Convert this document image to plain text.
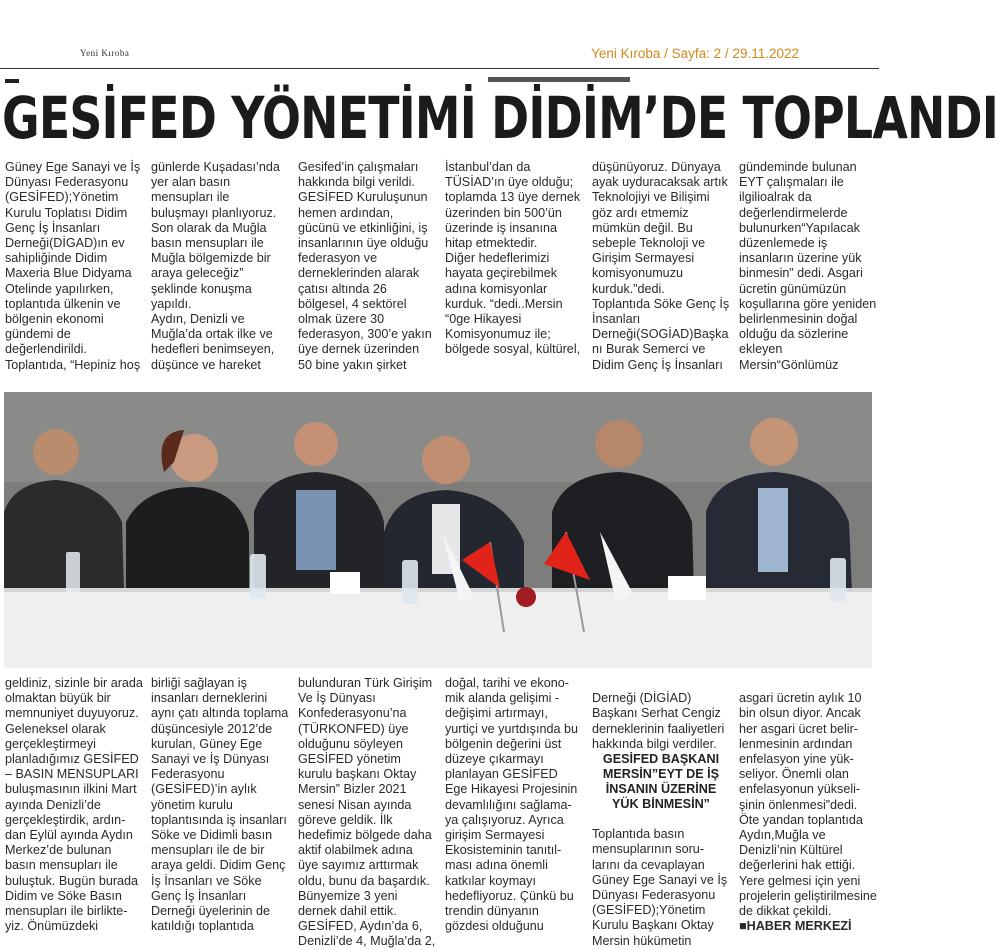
Yeni Kıroba	Yeni Kıroba / Sayfa: 2 / 29.11.2022
GESİFED YÖNETİMİ DİDİM’DE TOPLANDI
Güney Ege Sanayi ve İş Dünyası Federasyonu (GESİFED);Yönetim Kurulu Toplatısı Didim Genç İş İnsanları Derneği(DİGAD)ın ev sahipliğinde Didim Maxeria Blue Didyama Otelinde yapılırken, toplantıda ülkenin ve bölgenin ekonomi gündemi de değerlendirildi. Toplantıda, “Hepiniz hoş
günlerde Kuşadası’nda yer alan basın mensupları ile buluşmayı planlıyoruz. Son olarak da Muğla basın mensupları ile Muğla bölgemizde bir araya geleceğiz” şeklinde konuşma yapıldı.
Aydın, Denizli ve Muğla’da ortak ilke ve hedefleri benimseyen, düşünce ve hareket
Gesifed’in çalışmaları hakkında bilgi verildi. GESİFED Kuruluşunun hemen ardından, gücünü ve etkinliğini, iş insanlarının üye olduğu federasyon ve derneklerinden alarak çatısı altında 26 bölgesel, 4 sektörel olmak üzere 30 federasyon, 300’e yakın üye dernek üzerinden 50 bine yakın şirket
İstanbul’dan da TÜSİAD’ın üye olduğu; toplamda 13 üye dernek üzerinden bin 500’ün üzerinde iş insanına hitap etmektedir.
Diğer hedeflerimizi hayata geçirebilmek adına komisyonlar kurduk. “dedi..Mersin “0ge Hikayesi Komisyonumuz ile; bölgede sosyal, kültürel,
düşünüyoruz. Dünyaya ayak uyduracaksak artık Teknolojiyi ve Bilişimi göz ardı etmemiz mümkün değil. Bu sebeple Teknoloji ve Girişim Sermayesi komisyonumuzu kurduk.”dedi.
Toplantıda Söke Genç İş İnsanları Derneği(SOGİAD)Başka nı Burak Semerci ve Didim Genç İş İnsanları
gündeminde bulunan EYT çalışmaları ile ilgilioalrak da değerlendirmelerde bulunurken“Yapılacak düzenlemede iş insanların üzerine yük binmesin” dedi. Asgari ücretin günümüzün koşullarına göre yeniden belirlenmesinin doğal olduğu da sözlerine ekleyen Mersin“Gönlümüz
geldiniz, sizinle bir arada olmaktan büyük bir memnuniyet duyuyoruz. Geleneksel olarak gerçekleştirmeyi planladığımız GESİFED – BASIN MENSUPLARI buluşmasının ilkini Mart ayında Denizli’de gerçekleştirdik, ardın-dan Eylül ayında Aydın Merkez’de bulunan basın mensupları ile buluştuk. Bugün burada Didim ve Söke Basın mensupları ile birlikte-yiz. Önümüzdeki
birliği sağlayan iş insanları derneklerini aynı çatı altında toplama düşüncesiyle 2012’de kurulan, Güney Ege Sanayi ve İş Dünyası Federasyonu (GESİFED)’in aylık yönetim kurulu toplantısında iş insanları Söke ve Didimli basın mensupları ile de bir araya geldi. Didim Genç İş İnsanları ve Söke Genç İş İnsanları Derneği üyelerinin de katıldığı toplantıda
bulunduran Türk Girişim Ve İş Dünyası Konfederasyonu’na (TÜRKONFED) üye olduğunu söyleyen GESİFED yönetim kurulu başkanı Oktay Mersin” Bizler 2021 senesi Nisan ayında göreve geldik. İlk hedefimiz bölgede daha aktif olabilmek adına üye sayımız arttırmak oldu, bunu da başardık. Bünyemize 3 yeni dernek dahil ettik. GESİFED, Aydın’da 6, Denizli’de 4, Muğla’da 2,
doğal, tarihi ve ekono-mik alanda gelişimi - değişimi artırmayı, yurtiçi ve yurtdışında bu bölgenin değerini üst düzeye çıkarmayı planlayan GESİFED Ege Hikayesi Projesinin devamlılığını sağlama-ya çalışıyoruz. Ayrıca girişim Sermayesi Ekosisteminin tanıtıl-ması adına önemli katkılar koymayı hedefliyoruz. Çünkü bu trendin dünyanın gözdesi olduğunu

Derneği (DİGİAD) Başkanı Serhat Cengiz derneklerinin faaliyetleri hakkında bilgi verdiler.

GESİFED BAŞKANI MERSİN”EYT DE İŞ İNSANIN ÜZERİNE YÜK BİNMESİN”

Toplantıda basın mensuplarının soru-larını da cevaplayan Güney Ege Sanayi ve İş Dünyası Federasyonu (GESİFED);Yönetim Kurulu Başkanı Oktay Mersin hükümetin

asgari ücretin aylık 10 bin olsun diyor. Ancak her asgari ücret belir-lenmesinin ardından enfelasyon yine yük-seliyor. Önemli olan enfelasyonun yükseli-şinin önlenmesi”dedi. Öte yandan toplantıda Aydın,Muğla ve Denizli’nin Kültürel değerlerini hak ettiği. Yere gelmesi için yeni projelerin geliştirilmesine de dikkat çekildi.
■HABER MERKEZİ
